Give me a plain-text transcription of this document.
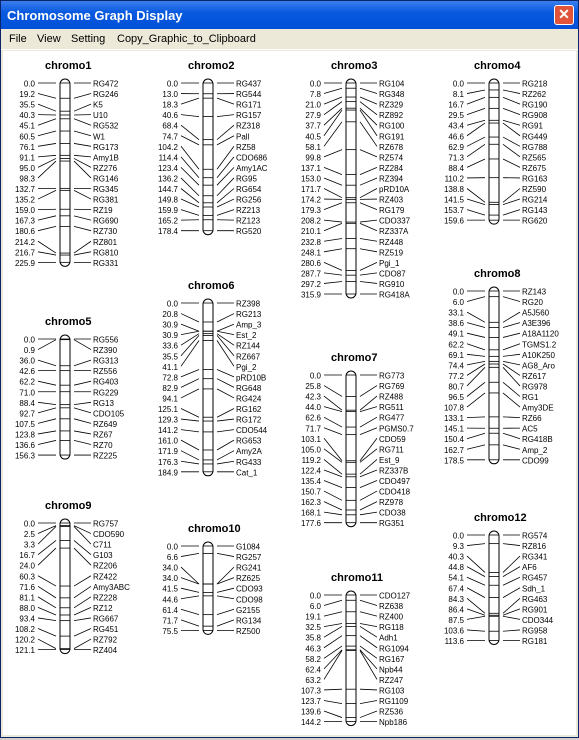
Chromosome Graph Display	✕
File View Setting Copy_Graphic_to_Clipboard
chromo1
0.0	RG472
19.2	RG246
35.5	K5
40.3	U10
45.1	RG532
60.5	W1
76.1	RG173
91.1	Amy1B
95.0	RZ276
98.3	RG146
132.7	RG345
135.2	RG381
159.0	RZ19
167.3	RG690
180.6	RZ730
214.2	RZ801
216.7	RG810
225.9	RG331
chromo2
0.0	RG437
13.0	RG544
18.3	RG171
40.6	RG157
68.4	RZ318
74.7	Pall
104.2	RZ58
114.4	CDO686
123.4	Amy1AC
136.2	RG95
144.7	RG654
149.8	RG256
159.9	RZ213
165.2	RZ123
178.4	RG520
chromo3
0.0	RG104
7.8	RG348
21.0	RZ329
27.9	RZ892
37.7	RG100
40.5	RG191
58.1	RZ678
99.8	RZ574
137.1	RZ284
153.0	RZ394
171.7	pRD10A
174.2	RZ403
179.3	RG179
208.2	CDO337
210.1	RZ337A
232.8	RZ448
248.1	RZ519
280.6	Pgi_1
287.7	CDO87
297.2	RG910
315.9	RG418A
chromo4
0.0	RG218
8.1	RZ262
16.7	RG190
29.5	RG908
43.4	RG91
46.6	RG449
62.9	RG788
71.3	RZ565
88.4	RZ675
110.2	RG163
138.8	RZ590
141.5	RG214
153.7	RG143
159.6	RG620
chromo5
0.0	RG556
0.9	RZ390
36.0	RG313
42.6	RZ556
62.2	RG403
71.0	RG229
88.4	RG13
92.7	CDO105
107.5	RZ649
123.8	RZ67
136.6	RZ70
156.3	RZ225
chromo6
0.0	RZ398
20.8	RG213
30.9	Amp_3
30.9	Est_2
33.6	RZ144
35.5	RZ667
41.1	Pgi_2
72.8	pRD10B
82.9	RG648
94.1	RG424
125.1	RG162
129.3	RG172
141.2	CDO544
161.0	RG653
171.9	Amy2A
176.3	RG433
184.9	Cat_1
chromo7
0.0	RG773
25.8	RG769
42.3	RZ488
44.0	RG511
62.6	RG477
71.7	PGMS0.7
103.1	CDO59
105.0	RG711
119.2	Est_9
122.4	RZ337B
135.4	CDO497
150.7	CDO418
162.3	RZ978
168.1	CDO38
177.6	RG351
chromo8
0.0	RZ143
6.0	RG20
33.1	A5J560
38.6	A3E396
49.1	A18A1120
62.2	TGMS1.2
69.1	A10K250
74.4	AG8_Aro
77.2	RZ617
80.7	RG978
96.5	RG1
107.8	Amy3DE
133.1	RZ66
145.1	AC5
150.4	RG418B
162.7	Amp_2
178.5	CDO99
chromo9
0.0	RG757
2.5	CDO590
3.3	C711
16.7	G103
24.0	RZ206
60.3	RZ422
71.6	Amy3ABC
81.1	RZ228
88.0	RZ12
93.4	RG667
108.2	RG451
120.2	RZ792
121.1	RZ404
chromo10
0.0	G1084
6.6	RG257
34.0	RG241
34.0	RZ625
41.5	CDO93
44.6	CDO98
61.4	G2155
71.7	RG134
75.5	RZ500
chromo11
0.0	CDO127
6.0	RZ638
19.1	RZ400
32.5	RG118
35.8	Adh1
46.3	RG1094
58.2	RG167
62.4	Npb44
63.2	RZ247
107.3	RG103
123.7	RG1109
139.6	RZ536
144.2	Npb186
chromo12
0.0	RG574
9.3	RZ816
40.3	RG341
44.8	AF6
54.1	RG457
67.4	Sdh_1
84.3	RG463
86.4	RG901
87.5	CDO344
103.6	RG958
113.6	RG181
